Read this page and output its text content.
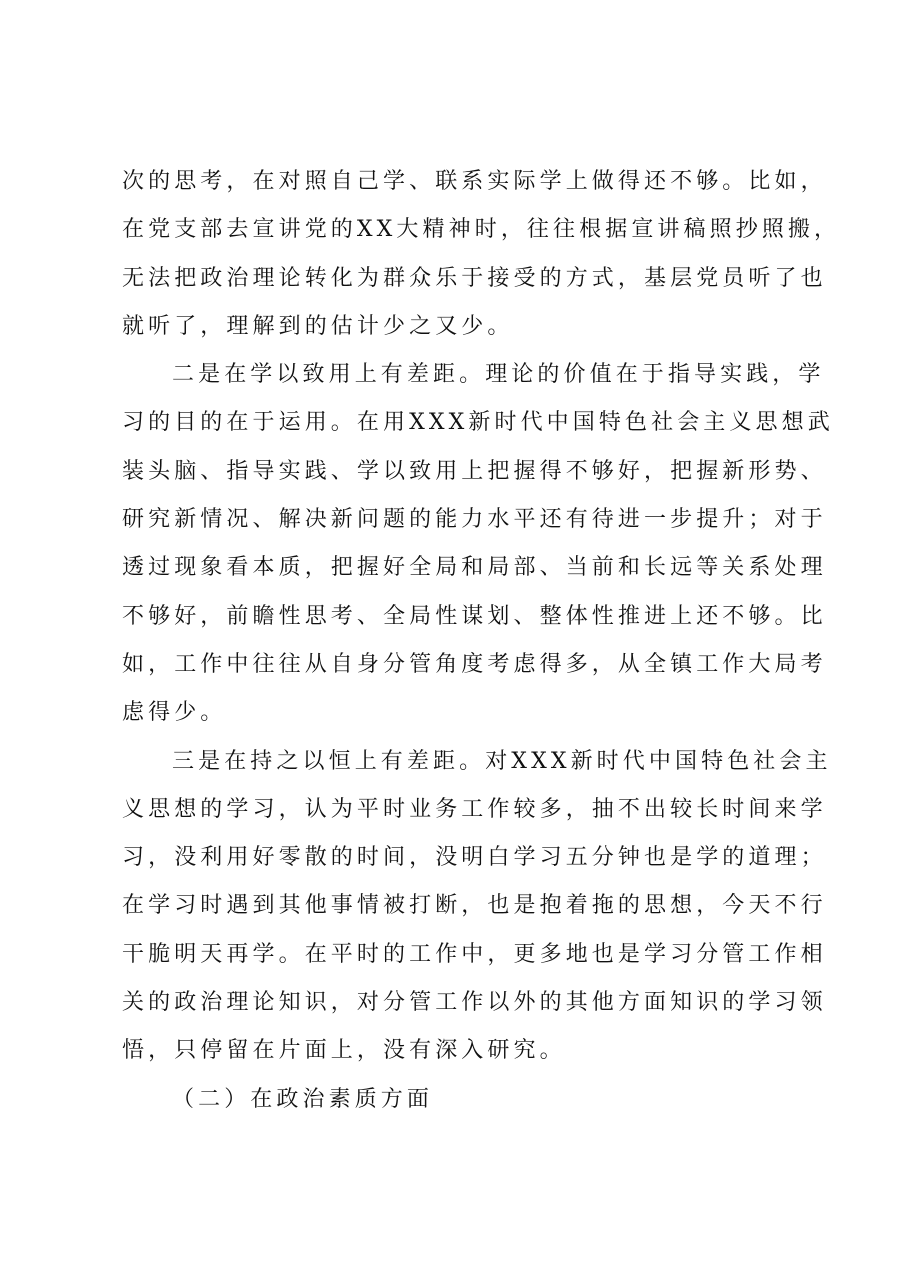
次的思考，在对照自己学、联系实际学上做得还不够。比如，
在党支部去宣讲党的XX大精神时，往往根据宣讲稿照抄照搬，
无法把政治理论转化为群众乐于接受的方式，基层党员听了也
就听了，理解到的估计少之又少。
二是在学以致用上有差距。理论的价值在于指导实践，学
习的目的在于运用。在用XXX新时代中国特色社会主义思想武
装头脑、指导实践、学以致用上把握得不够好，把握新形势、
研究新情况、解决新问题的能力水平还有待进一步提升；对于
透过现象看本质，把握好全局和局部、当前和长远等关系处理
不够好，前瞻性思考、全局性谋划、整体性推进上还不够。比
如，工作中往往从自身分管角度考虑得多，从全镇工作大局考
虑得少。
三是在持之以恒上有差距。对XXX新时代中国特色社会主
义思想的学习，认为平时业务工作较多，抽不出较长时间来学
习，没利用好零散的时间，没明白学习五分钟也是学的道理；
在学习时遇到其他事情被打断，也是抱着拖的思想，今天不行
干脆明天再学。在平时的工作中，更多地也是学习分管工作相
关的政治理论知识，对分管工作以外的其他方面知识的学习领
悟，只停留在片面上，没有深入研究。
（二）在政治素质方面
